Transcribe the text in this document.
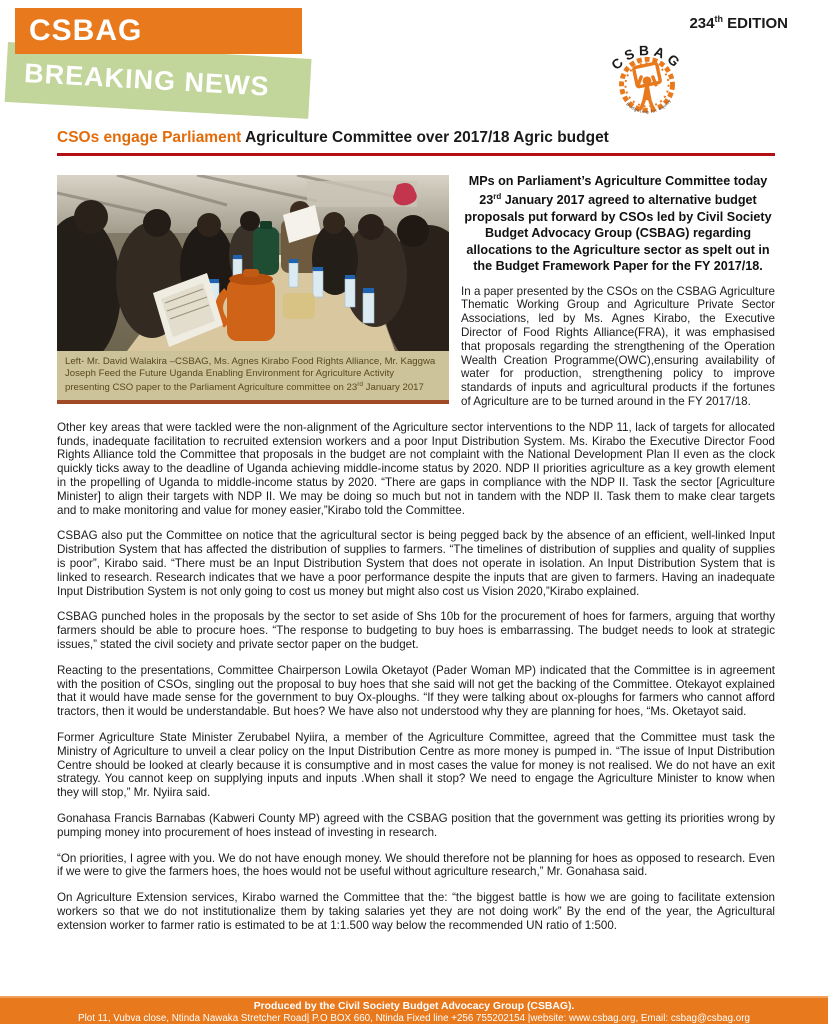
BREAKING NEWS
CSBAG	234th EDITION
CSBAG
Budgeting for equity
CSOs engage Parliament Agriculture Committee over 2017/18 Agric budget
Left- Mr. David Walakira –CSBAG, Ms. Agnes Kirabo Food Rights Alliance, Mr. Kaggwa Joseph Feed the Future Uganda Enabling Environment for Agriculture Activity presenting CSO paper to the Parliament Agriculture committee on 23rd January 2017

MPs on Parliament’s Agriculture Committee today 23rd January 2017 agreed to alternative budget proposals put forward by CSOs led by Civil Society Budget Advocacy Group (CSBAG) regarding allocations to the Agriculture sector as spelt out in the Budget Framework Paper for the FY 2017/18.

In a paper presented by the CSOs on the CSBAG Agriculture Thematic Working Group and Agriculture Private Sector Associations, led by Ms. Agnes Kirabo, the Executive Director of Food Rights Alliance(FRA), it was emphasised that proposals regarding the strengthening of the Operation Wealth Creation Programme(OWC),ensuring availability of water for production, strengthening policy to improve standards of inputs and agricultural products if the fortunes of Agriculture are to be turned around in the FY 2017/18.

Other key areas that were tackled were the non-alignment of the Agriculture sector interventions to the NDP 11, lack of targets for allocated funds, inadequate facilitation to recruited extension workers and a poor Input Distribution System. Ms. Kirabo the Executive Director Food Rights Alliance told the Committee that proposals in the budget are not complaint with the National Development Plan II even as the clock quickly ticks away to the deadline of Uganda achieving middle-income status by 2020. NDP II priorities agriculture as a key growth element in the propelling of Uganda to middle-income status by 2020. “There are gaps in compliance with the NDP II. Task the sector [Agriculture Minister] to align their targets with NDP II. We may be doing so much but not in tandem with the NDP II. Task them to make clear targets and to make monitoring and value for money easier,”Kirabo told the Committee.

CSBAG also put the Committee on notice that the agricultural sector is being pegged back by the absence of an efficient, well-linked Input Distribution System that has affected the distribution of supplies to farmers. “The timelines of distribution of supplies and quality of supplies is poor”, Kirabo said. “There must be an Input Distribution System that does not operate in isolation. An Input Distribution System that is linked to research. Research indicates that we have a poor performance despite the inputs that are given to farmers. Having an inadequate Input Distribution System is not only going to cost us money but might also cost us Vision 2020,”Kirabo explained.

CSBAG punched holes in the proposals by the sector to set aside of Shs 10b for the procurement of hoes for farmers, arguing that worthy farmers should be able to procure hoes. “The response to budgeting to buy hoes is embarrassing. The budget needs to look at strategic issues,” stated the civil society and private sector paper on the budget.

Reacting to the presentations, Committee Chairperson Lowila Oketayot (Pader Woman MP) indicated that the Committee is in agreement with the position of CSOs, singling out the proposal to buy hoes that she said will not get the backing of the Committee. Otekayot explained that it would have made sense for the government to buy Ox-ploughs. “If they were talking about ox-ploughs for farmers who cannot afford tractors, then it would be understandable. But hoes? We have also not understood why they are planning for hoes, “Ms. Oketayot said.

Former Agriculture State Minister Zerubabel Nyiira, a member of the Agriculture Committee, agreed that the Committee must task the Ministry of Agriculture to unveil a clear policy on the Input Distribution Centre as more money is pumped in. “The issue of Input Distribution Centre should be looked at clearly because it is consumptive and in most cases the value for money is not realised. We do not have an exit strategy. You cannot keep on supplying inputs and inputs .When shall it stop? We need to engage the Agriculture Minister to know when they will stop,” Mr. Nyiira said.

Gonahasa Francis Barnabas (Kabweri County MP) agreed with the CSBAG position that the government was getting its priorities wrong by pumping money into procurement of hoes instead of investing in research.

“On priorities, I agree with you. We do not have enough money. We should therefore not be planning for hoes as opposed to research. Even if we were to give the farmers hoes, the hoes would not be useful without agriculture research,” Mr. Gonahasa said.

On Agriculture Extension services, Kirabo warned the Committee that the: “the biggest battle is how we are going to facilitate extension workers so that we do not institutionalize them by taking salaries yet they are not doing work” By the end of the year, the Agricultural extension worker to farmer ratio is estimated to be at 1:1.500 way below the recommended UN ratio of 1:500.

Produced by the Civil Society Budget Advocacy Group (CSBAG).
Plot 11, Vubva close, Ntinda Nawaka Stretcher Road| P.O BOX 660, Ntinda Fixed line +256 755202154 |website: www.csbag.org, Email: csbag@csbag.org
